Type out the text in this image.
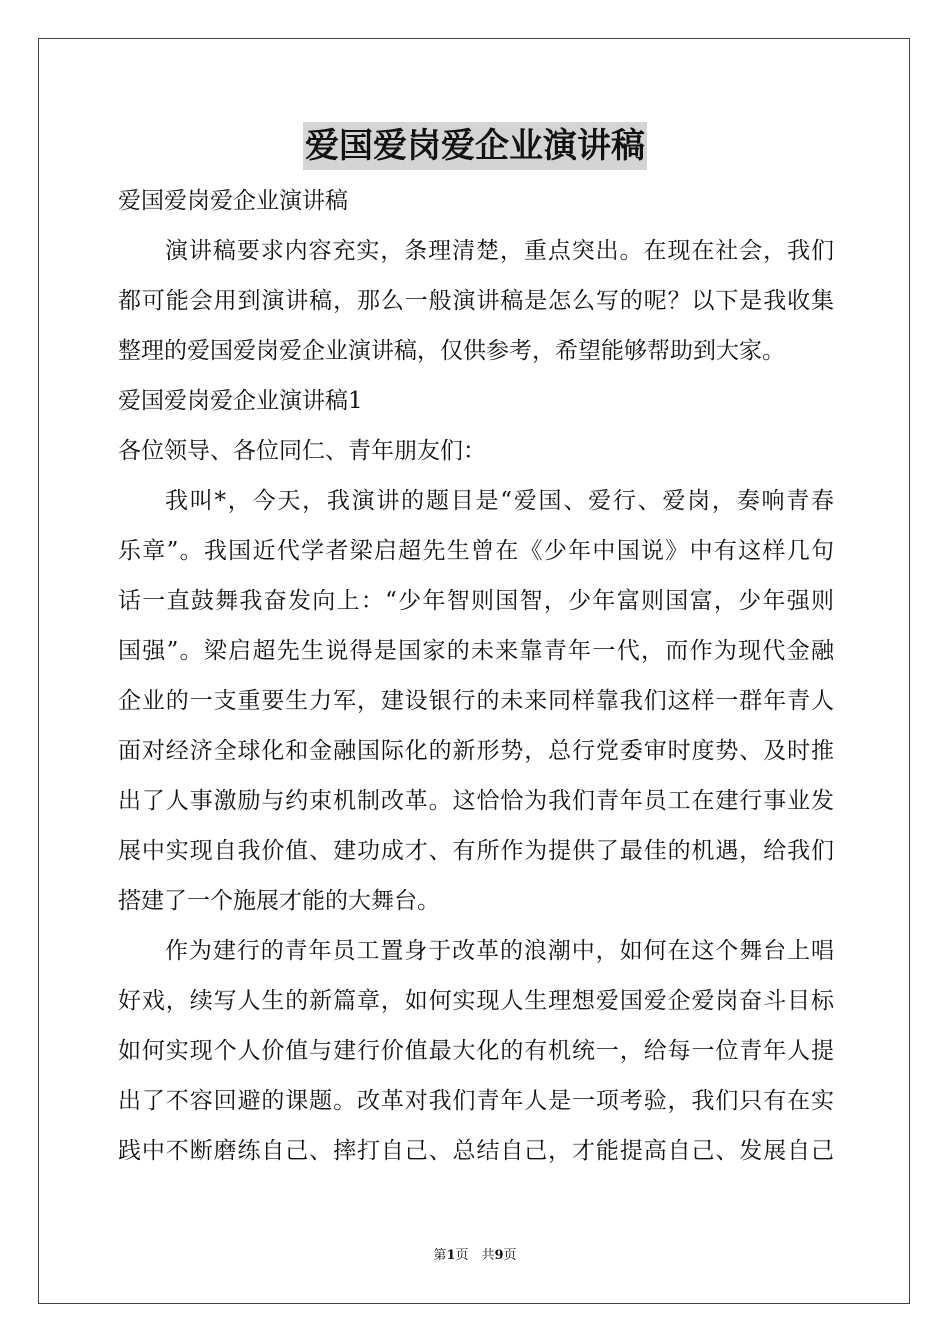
爱国爱岗爱企业演讲稿
爱国爱岗爱企业演讲稿
演讲稿要求内容充实，条理清楚，重点突出。在现在社会，我们
都可能会用到演讲稿，那么一般演讲稿是怎么写的呢？以下是我收集
整理的爱国爱岗爱企业演讲稿，仅供参考，希望能够帮助到大家。
爱国爱岗爱企业演讲稿1
各位领导、各位同仁、青年朋友们：
我叫*，今天，我演讲的题目是“爱国、爱行、爱岗，奏响青春
乐章”。我国近代学者梁启超先生曾在《少年中国说》中有这样几句
话一直鼓舞我奋发向上：“少年智则国智，少年富则国富，少年强则
国强”。梁启超先生说得是国家的未来靠青年一代，而作为现代金融
企业的一支重要生力军，建设银行的未来同样靠我们这样一群年青人
面对经济全球化和金融国际化的新形势，总行党委审时度势、及时推
出了人事激励与约束机制改革。这恰恰为我们青年员工在建行事业发
展中实现自我价值、建功成才、有所作为提供了最佳的机遇，给我们
搭建了一个施展才能的大舞台。
作为建行的青年员工置身于改革的浪潮中，如何在这个舞台上唱
好戏，续写人生的新篇章，如何实现人生理想爱国爱企爱岗奋斗目标
如何实现个人价值与建行价值最大化的有机统一，给每一位青年人提
出了不容回避的课题。改革对我们青年人是一项考验，我们只有在实
践中不断磨练自己、摔打自己、总结自己，才能提高自己、发展自己
第1页　共9页
